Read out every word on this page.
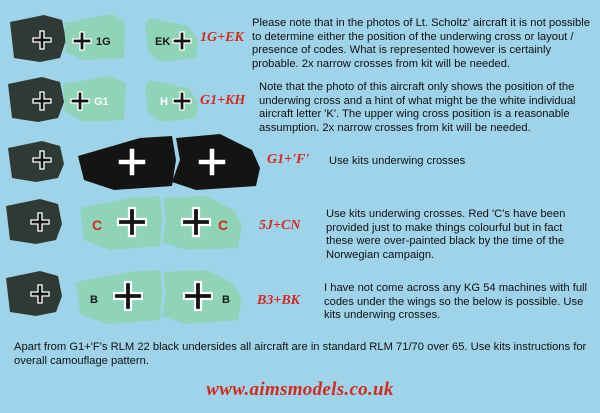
1G	EK
G1	H
C	C
B	B
1G+EK
G1+KH
G1+'F'
5J+CN
B3+BK
Please note that in the photos of Lt. Scholtz' aircraft it is not possible to determine either the position of the underwing cross or layout / presence of codes. What is represented however is certainly probable. 2x narrow crosses from kit will be needed.
Note that the photo of this aircraft only shows the position of the underwing cross and a hint of what might be the white individual aircraft letter 'K'. The upper wing cross position is a reasonable assumption. 2x narrow crosses from kit will be needed.
Use kits underwing crosses
Use kits underwing crosses. Red 'C's have been provided just to make things colourful but in fact these were over-painted black by the time of the Norwegian campaign.
I have not come across any KG 54 machines with full codes under the wings so the below is possible. Use kits underwing crosses.
Apart from G1+'F's RLM 22 black undersides all aircraft are in standard RLM 71/70 over 65. Use kits instructions for overall camouflage pattern.
www.aimsmodels.co.uk
